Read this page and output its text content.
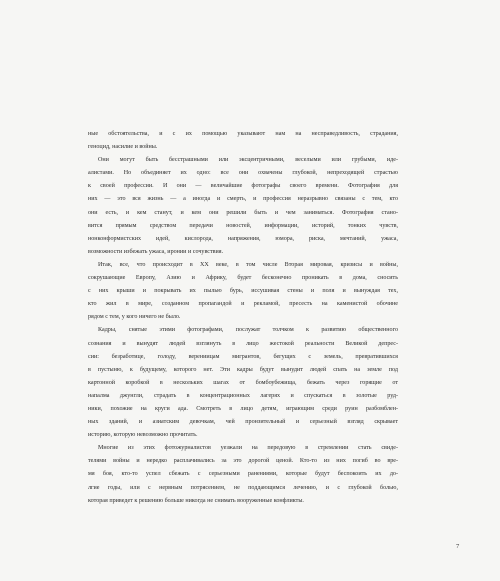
ные обстоятельства, и с их помощью указывают нам на несправедливость, страдания,
геноцид, насилие и войны.

Они могут быть бесстрашными или эксцентричными, веселыми или грубыми, иде-
алистами. Но объединяет их одно: все они охвачены глубокой, непреходящей страстью
к своей профессии. И они — величайшие фотографы своего времени. Фотография для
них — это вся жизнь — а иногда и смерть, и профессия неразрывно связаны с тем, кто
они есть, и кем станут, и кем они решили быть и чем заниматься. Фотография стано-
вится прямым средством передачи новостей, информации, историй, тонких чувств,
нонконформистских идей, кислорода, напряжения, юмора, риска, мечтаний, ужаса,
возможности избежать ужаса, иронии и сочувствия.

Итак, все, что происходит в XX веке, в том числе Вторая мировая, кризисы и войны,
сокрушающие Европу, Азию и Африку, будет бесконечно проникать в дома, сносить
с них крыши и покрывать их пылью бурь, иссушивая стены и поля и вынуждая тех,
кто жил в мире, созданном пропагандой и рекламой, пресесть на каменистой обочине
рядом с тем, у кого ничего не было.

Кадры, снятые этими фотографами, послужат толчком к развитию общественного
сознания и вынудят людей взглянуть в лицо жестокой реальности Великой депрес-
сии: безработице, голоду, верениицам мигрантов, бегущих с земель, превратившихся
в пустыню, к будущему, которого нет. Эти кадры будут вынудит людей спать на земле под
картонной коробкой в нескольких шагах от бомбоубежища, бежать через горящие от
напалма джунгли, страдать в концентрационных лагерях и спускаться в золотые руд-
ники, похожие на круги ада. Смотреть в лицо детям, играющим среди руин разбомблен-
ных зданий, и азиатским девочкам, чей пронзительный и серьезный взгляд скрывает
историю, которую невозможно прочитать.

Многие из этих фотожурналистов уезжали на передовую в стремлении стать свиде-
телями войны и нередко расплачивались за это дорогой ценой. Кто-то из них погиб во вре-
мя боя, кто-то успел сбежать с серьезными ранениями, которые будут беспокоить их до-
лгие годы, или с нервным потрясением, не поддающимся лечению, и с глубокой болью,
которая приведет к решению больше никогда не снимать вооруженные конфликты.

7
